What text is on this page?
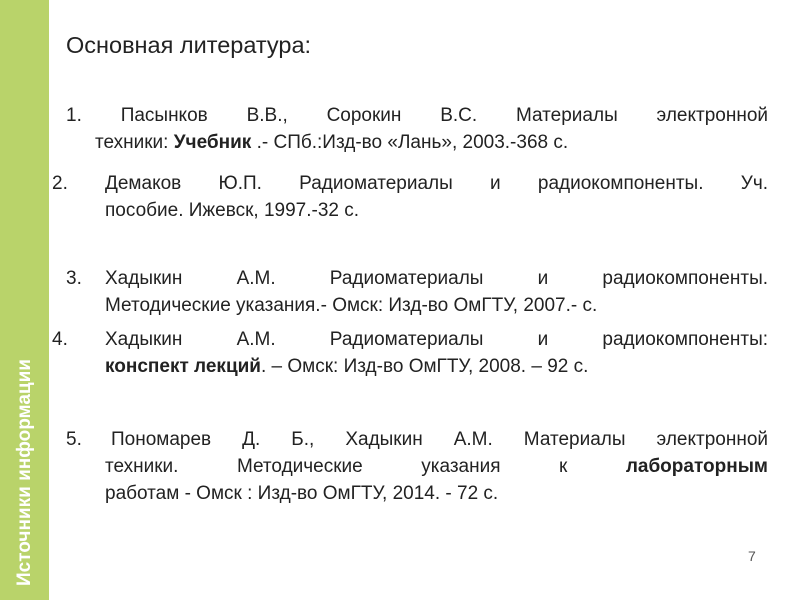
Источники информации
Основная литература:
1. Пасынков В.В., Сорокин В.С. Материалы электронной
техники: Учебник .- СПб.:Изд-во «Лань», 2003.-368 с.
2. Демаков Ю.П. Радиоматериалы и радиокомпоненты. Уч.
пособие. Ижевск, 1997.-32 с.
3. Хадыкин А.М. Радиоматериалы и радиокомпоненты.
Методические указания.- Омск: Изд-во ОмГТУ, 2007.- с.
4. Хадыкин А.М. Радиоматериалы и радиокомпоненты:
конспект лекций. – Омск: Изд-во ОмГТУ, 2008. – 92 с.
5.	Пономарев Д. Б., Хадыкин А.М. Материалы электронной
техники. Методические указания к лабораторным
работам - Омск : Изд-во ОмГТУ, 2014. - 72 с.
7
